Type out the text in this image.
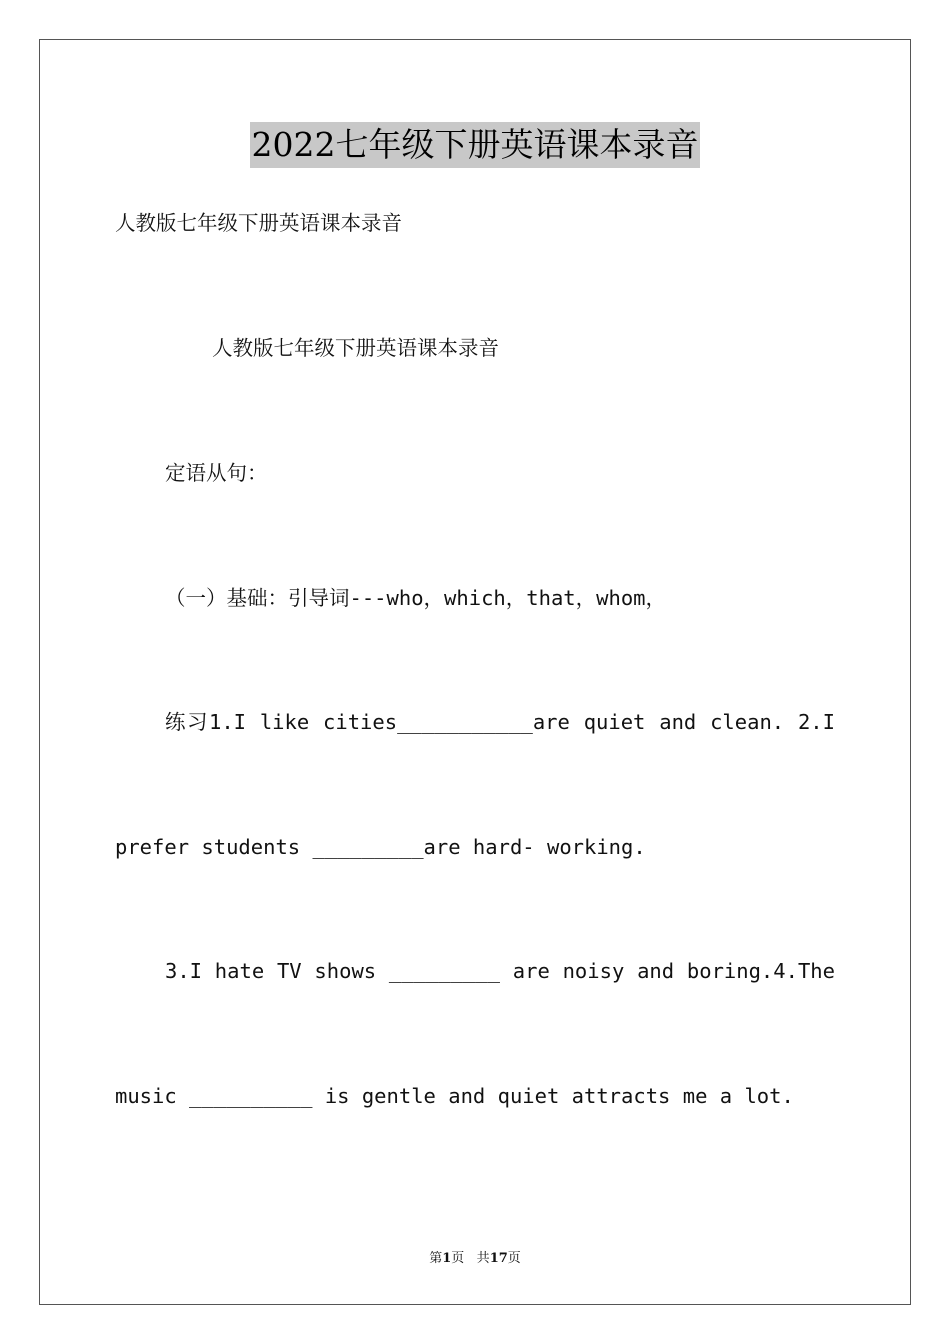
2022七年级下册英语课本录音
人教版七年级下册英语课本录音
人教版七年级下册英语课本录音
定语从句：
（一）基础：引导词---who，which，that，whom，
练习1.I like cities___________are quiet and clean. 2.I
prefer students _________are hard- working.
3.I hate TV shows _________ are noisy and boring.4.The
music __________ is gentle and quiet attracts me a lot.
第1页 共17页
